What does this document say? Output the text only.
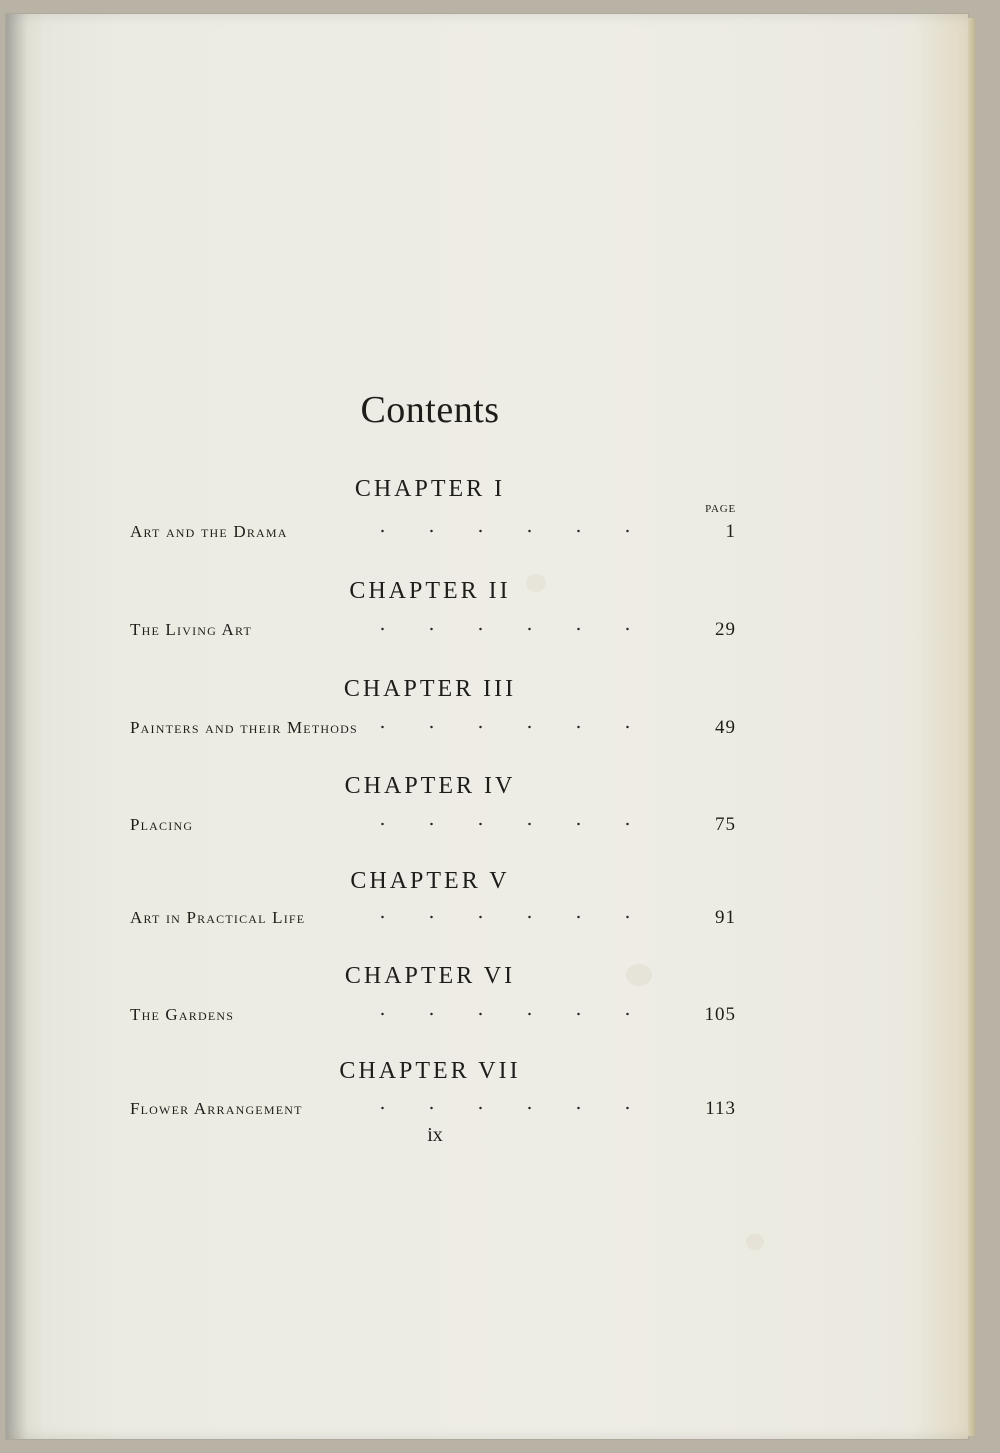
Contents
PAGE
CHAPTER I
Art and the Drama	1
CHAPTER II
The Living Art	29
CHAPTER III
Painters and their Methods	49
CHAPTER IV
Placing	75
CHAPTER V
Art in Practical Life	91
CHAPTER VI
The Gardens	105
CHAPTER VII
Flower Arrangement	113
ix
